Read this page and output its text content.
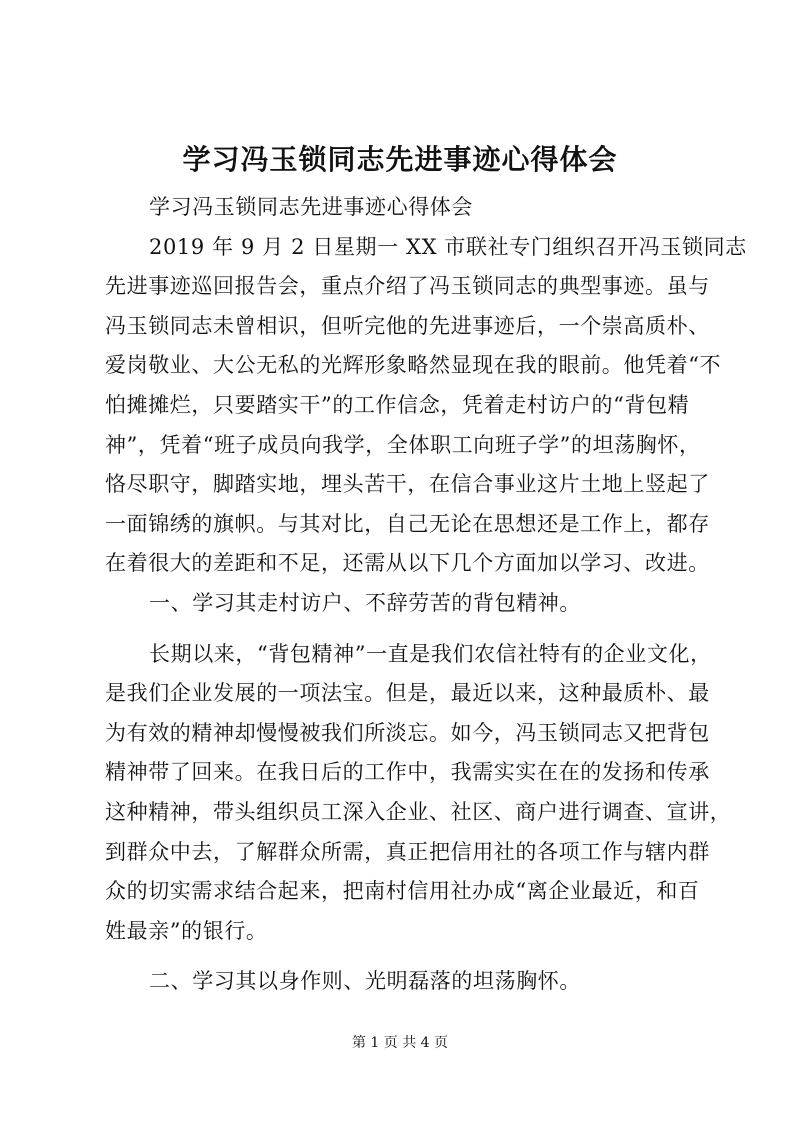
学习冯玉锁同志先进事迹心得体会
学习冯玉锁同志先进事迹心得体会
2019 年 9 月 2 日星期一 XX 市联社专门组织召开冯玉锁同志
先进事迹巡回报告会，重点介绍了冯玉锁同志的典型事迹。虽与
冯玉锁同志未曾相识，但听完他的先进事迹后，一个崇高质朴、
爱岗敬业、大公无私的光辉形象略然显现在我的眼前。他凭着“不
怕摊摊烂，只要踏实干”的工作信念，凭着走村访户的“背包精
神”，凭着“班子成员向我学，全体职工向班子学”的坦荡胸怀，
恪尽职守，脚踏实地，埋头苦干，在信合事业这片土地上竖起了
一面锦绣的旗帜。与其对比，自己无论在思想还是工作上，都存
在着很大的差距和不足，还需从以下几个方面加以学习、改进。
一、学习其走村访户、不辞劳苦的背包精神。
长期以来，“背包精神”一直是我们农信社特有的企业文化，
是我们企业发展的一项法宝。但是，最近以来，这种最质朴、最
为有效的精神却慢慢被我们所淡忘。如今，冯玉锁同志又把背包
精神带了回来。在我日后的工作中，我需实实在在的发扬和传承
这种精神，带头组织员工深入企业、社区、商户进行调查、宣讲，
到群众中去，了解群众所需，真正把信用社的各项工作与辖内群
众的切实需求结合起来，把南村信用社办成“离企业最近，和百
姓最亲”的银行。
二、学习其以身作则、光明磊落的坦荡胸怀。
第 1 页 共 4 页
